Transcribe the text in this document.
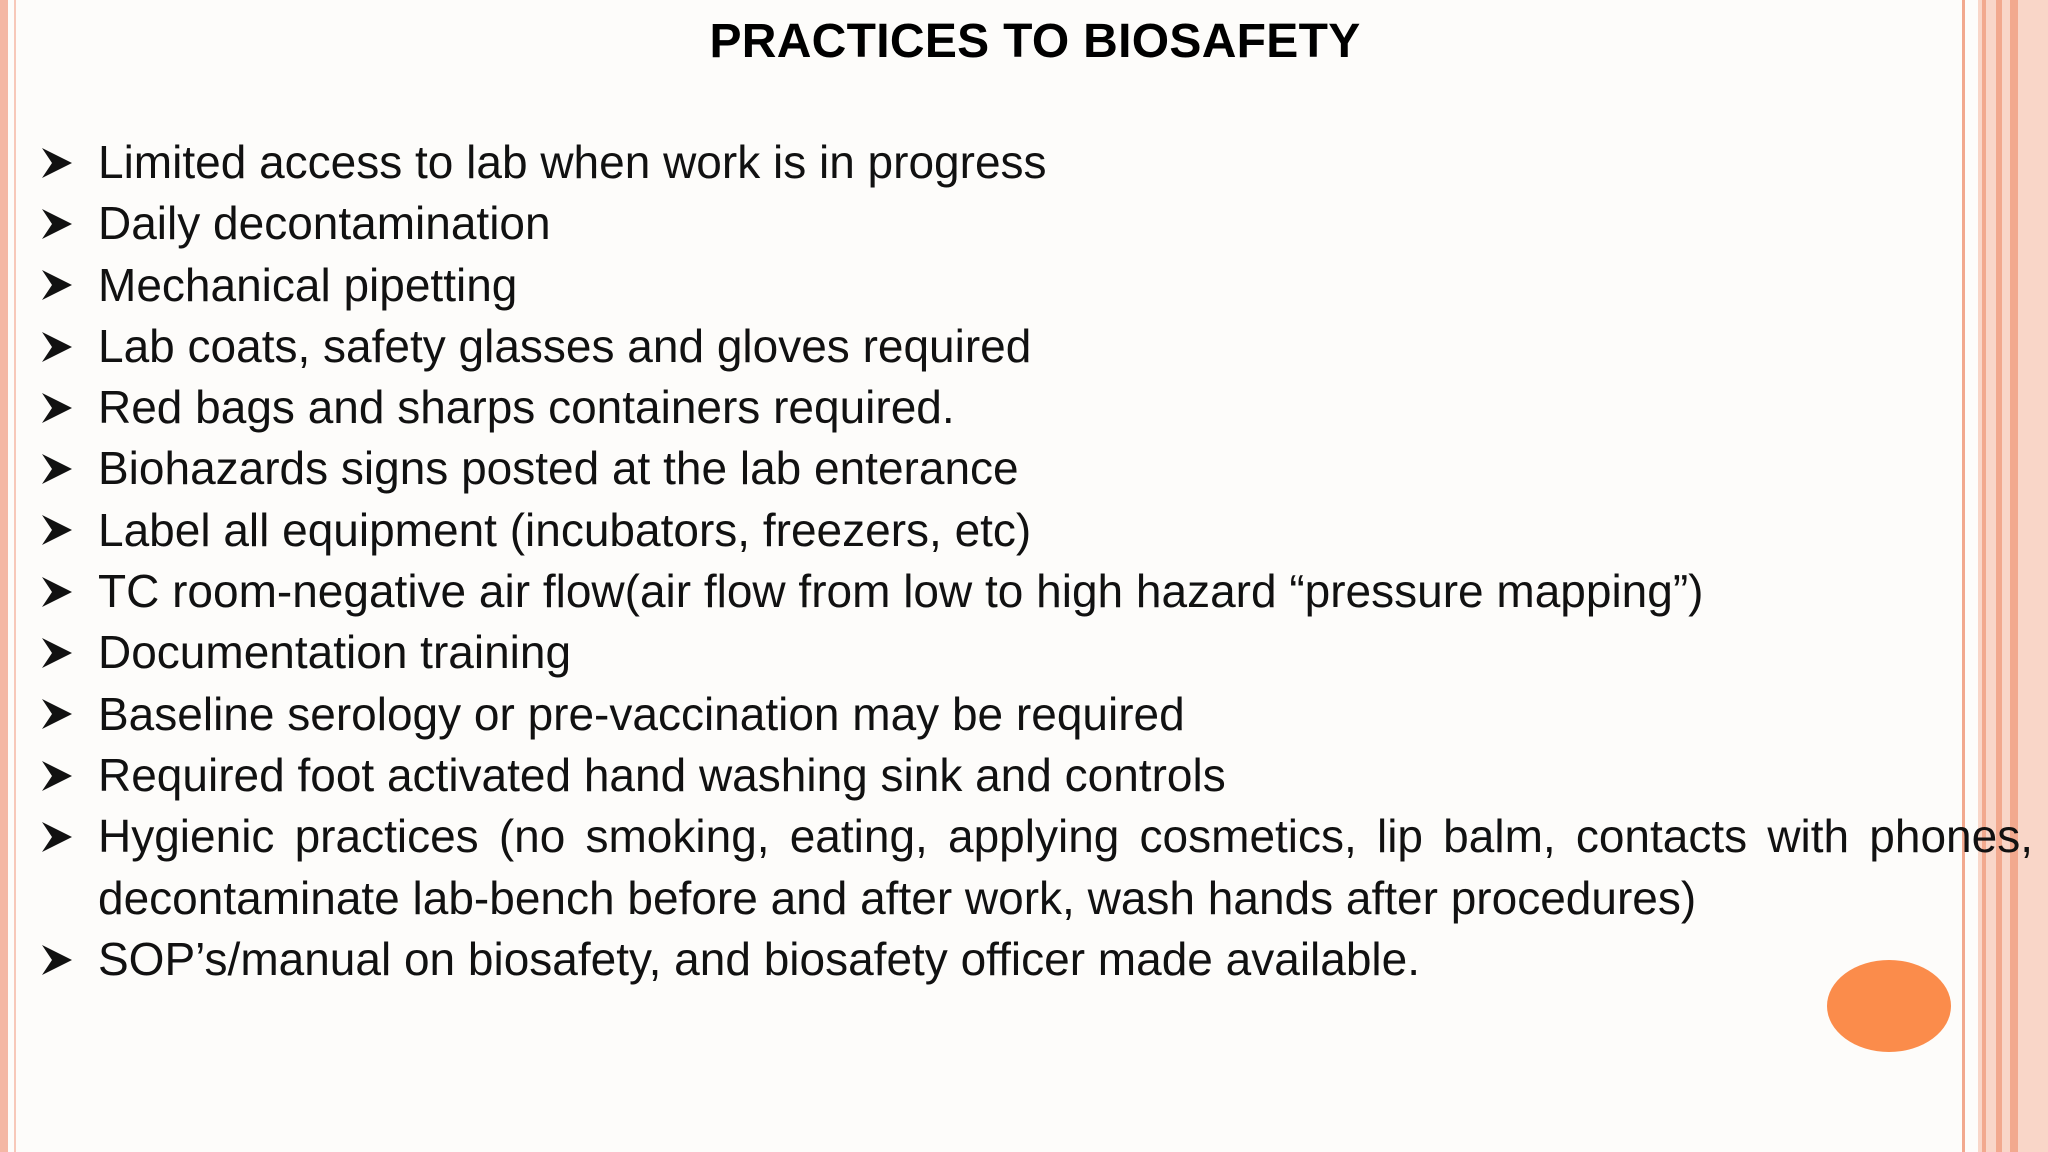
PRACTICES TO BIOSAFETY
Limited access to lab when work is in progress
Daily decontamination
Mechanical pipetting
Lab coats, safety glasses and gloves required
Red bags and sharps containers required.
Biohazards signs posted at the lab enterance
Label all equipment (incubators, freezers, etc)
TC room-negative air flow(air flow from low to high hazard “pressure mapping”)
Documentation training
Baseline serology or pre-vaccination may be required
Required foot activated hand washing sink and controls
Hygienic practices (no smoking, eating, applying cosmetics, lip balm, contacts with phones, decontaminate lab-bench before and after work, wash hands after procedures)
SOP’s/manual on biosafety, and biosafety officer made available.
